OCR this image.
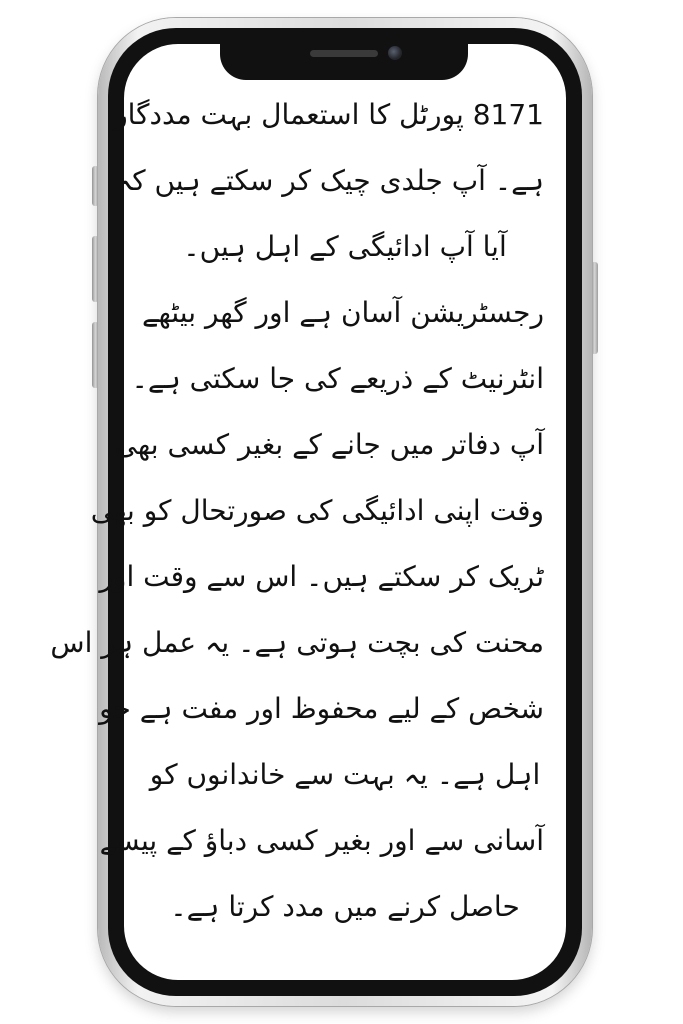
8171 پورٹل کا استعمال بہت مددگار
ہے۔ آپ جلدی چیک کر سکتے ہیں کہ
آیا آپ ادائیگی کے اہل ہیں۔
رجسٹریشن آسان ہے اور گھر بیٹھے
انٹرنیٹ کے ذریعے کی جا سکتی ہے۔
آپ دفاتر میں جانے کے بغیر کسی بھی
وقت اپنی ادائیگی کی صورتحال کو بھی
ٹریک کر سکتے ہیں۔ اس سے وقت اور
محنت کی بچت ہوتی ہے۔ یہ عمل ہر اس
شخص کے لیے محفوظ اور مفت ہے جو
اہل ہے۔ یہ بہت سے خاندانوں کو
آسانی سے اور بغیر کسی دباؤ کے پیسے
حاصل کرنے میں مدد کرتا ہے۔
